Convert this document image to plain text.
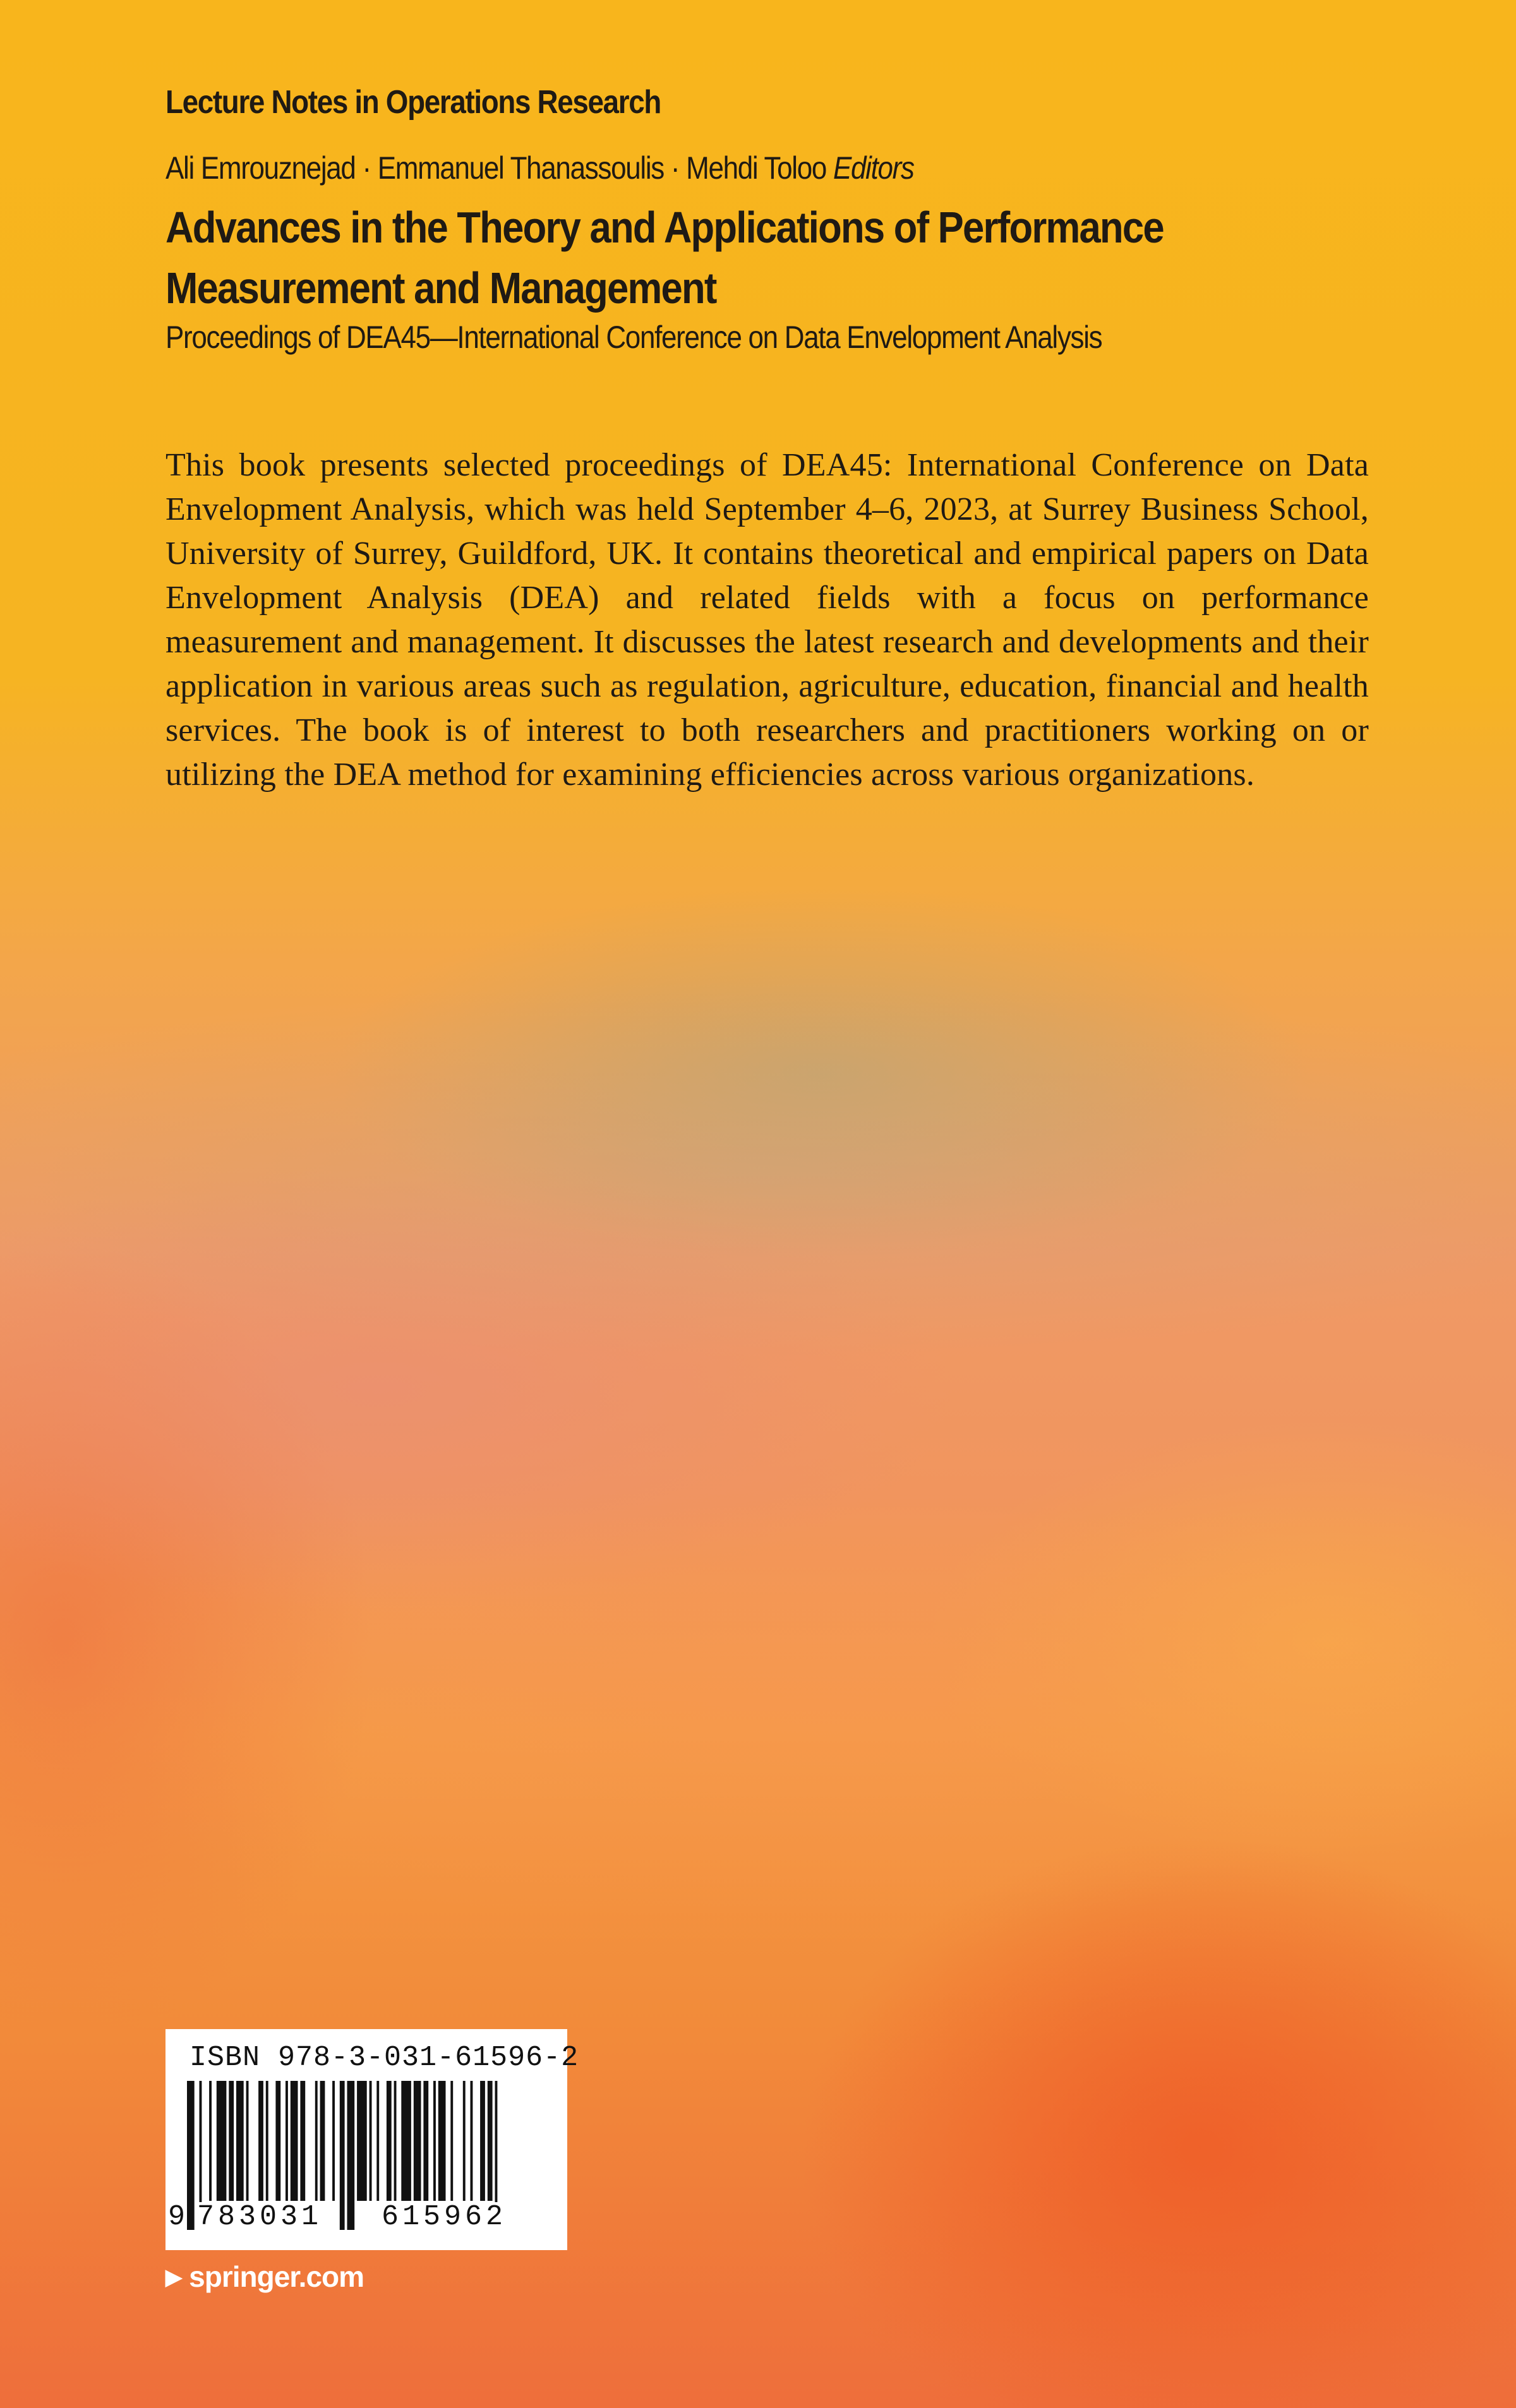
Lecture Notes in Operations Research

Ali Emrouznejad · Emmanuel Thanassoulis · Mehdi Toloo Editors

Advances in the Theory and Applications of Performance Measurement and Management

Proceedings of DEA45—International Conference on Data Envelopment Analysis

This book presents selected proceedings of DEA45: International Conference on Data Envelopment Analysis, which was held September 4–6, 2023, at Surrey Business School, University of Surrey, Guildford, UK. It contains theoretical and empirical papers on Data Envelopment Analysis (DEA) and related fields with a focus on performance measurement and management. It discusses the latest research and developments and their application in various areas such as regulation, agriculture, education, financial and health services. The book is of interest to both researchers and practitioners working on or utilizing the DEA method for examining efficiencies across various organizations.

ISBN 978-3-031-61596-2

9 783031 615962

▶ springer.com
